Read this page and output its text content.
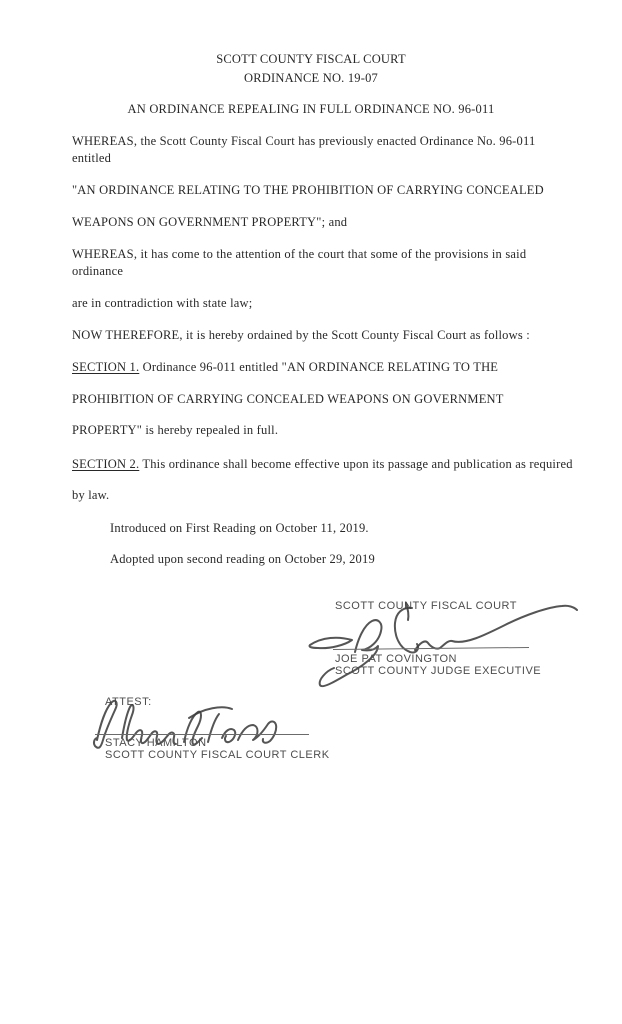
SCOTT COUNTY FISCAL COURT
ORDINANCE NO. 19-07
AN ORDINANCE REPEALING IN FULL ORDINANCE NO. 96-011
WHEREAS, the Scott County Fiscal Court has previously enacted Ordinance No. 96-011
entitled
"AN ORDINANCE RELATING TO THE PROHIBITION OF CARRYING CONCEALED
WEAPONS ON GOVERNMENT PROPERTY"; and
WHEREAS, it has come to the attention of the court that some of the provisions in said
ordinance
are in contradiction with state law;
NOW THEREFORE, it is hereby ordained by the Scott County Fiscal Court as follows :
SECTION 1. Ordinance 96-011 entitled "AN ORDINANCE RELATING TO THE
PROHIBITION OF CARRYING CONCEALED WEAPONS ON GOVERNMENT
PROPERTY" is hereby repealed in full.
SECTION 2. This ordinance shall become effective upon its passage and publication as required
by law.
Introduced on First Reading on October 11, 2019.
Adopted upon second reading on October 29, 2019
SCOTT COUNTY FISCAL COURT
JOE PAT COVINGTON
SCOTT COUNTY JUDGE EXECUTIVE
ATTEST:
STACY HAMILTON
SCOTT COUNTY FISCAL COURT CLERK
